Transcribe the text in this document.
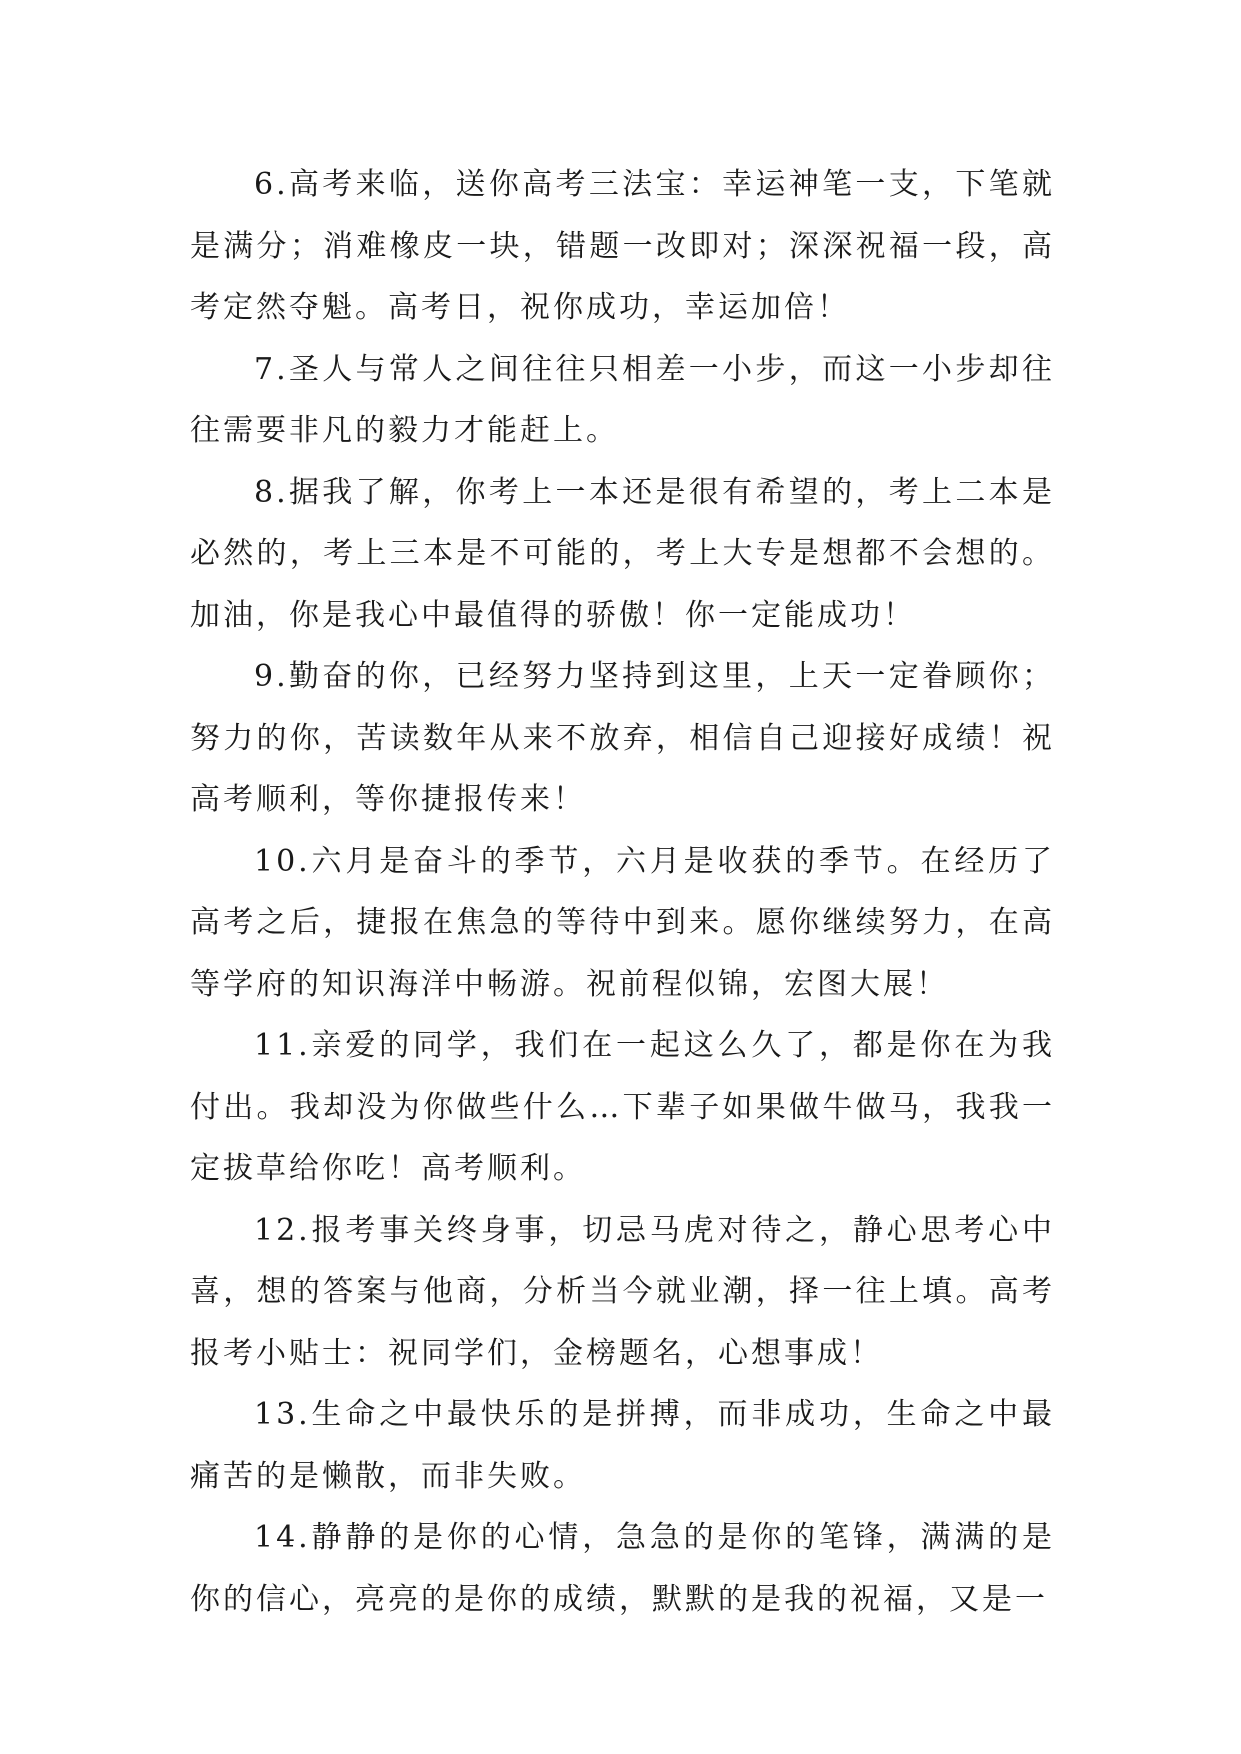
6.高考来临，送你高考三法宝：幸运神笔一支，下笔就是满分；消难橡皮一块，错题一改即对；深深祝福一段，高考定然夺魁。高考日，祝你成功，幸运加倍！

7.圣人与常人之间往往只相差一小步，而这一小步却往往需要非凡的毅力才能赶上。

8.据我了解，你考上一本还是很有希望的，考上二本是必然的，考上三本是不可能的，考上大专是想都不会想的。加油，你是我心中最值得的骄傲！你一定能成功！

9.勤奋的你，已经努力坚持到这里，上天一定眷顾你；努力的你，苦读数年从来不放弃，相信自己迎接好成绩！祝高考顺利，等你捷报传来！

10.六月是奋斗的季节，六月是收获的季节。在经历了高考之后，捷报在焦急的等待中到来。愿你继续努力，在高等学府的知识海洋中畅游。祝前程似锦，宏图大展！

11.亲爱的同学，我们在一起这么久了，都是你在为我付出。我却没为你做些什么…下辈子如果做牛做马，我我一定拔草给你吃！高考顺利。

12.报考事关终身事，切忌马虎对待之，静心思考心中喜，想的答案与他商，分析当今就业潮，择一往上填。高考报考小贴士：祝同学们，金榜题名，心想事成！

13.生命之中最快乐的是拼搏，而非成功，生命之中最痛苦的是懒散，而非失败。

14.静静的是你的心情，急急的是你的笔锋，满满的是你的信心，亮亮的是你的成绩，默默的是我的祝福，又是一
